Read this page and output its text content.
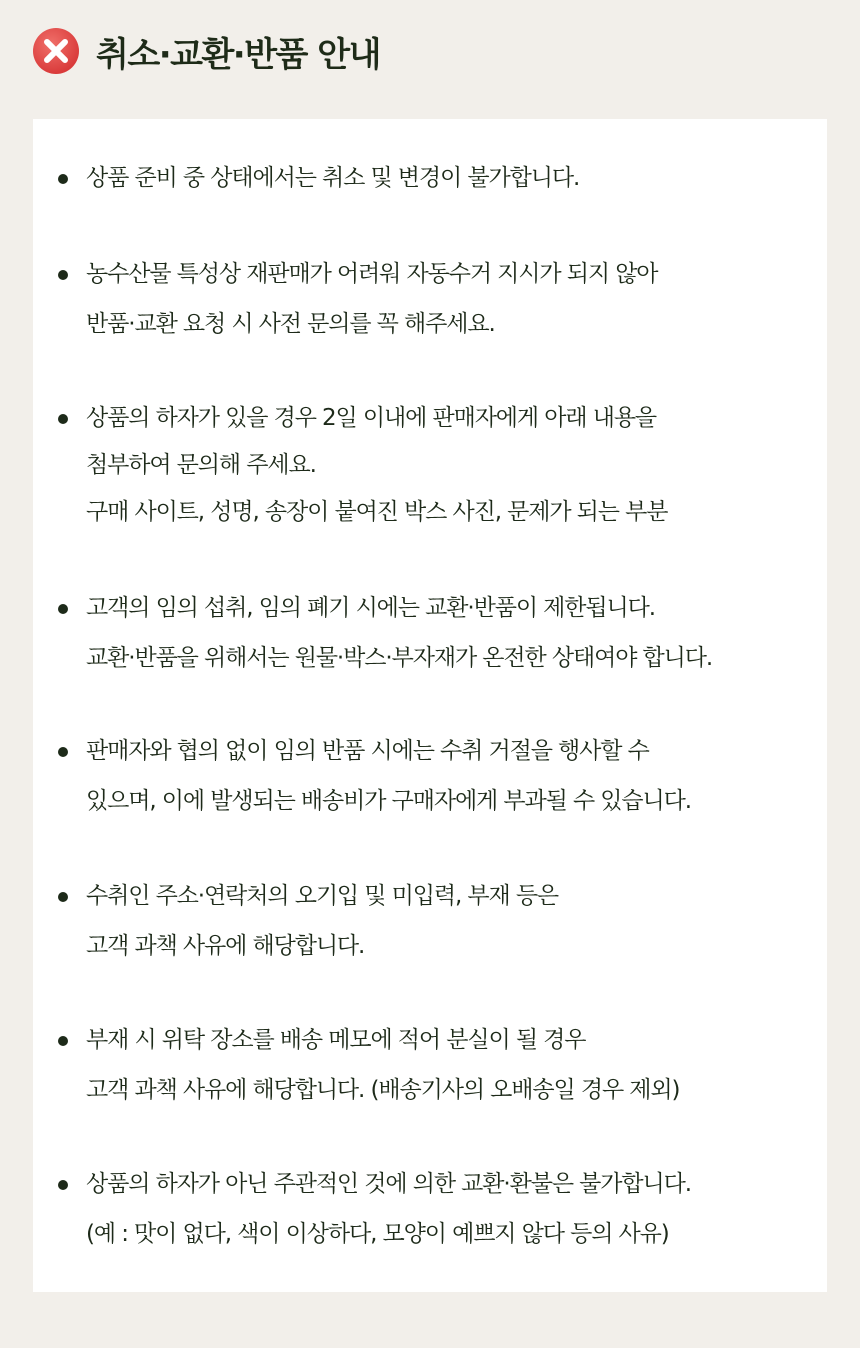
취소·교환·반품 안내
상품 준비 중 상태에서는 취소 및 변경이 불가합니다.
농수산물 특성상 재판매가 어려워 자동수거 지시가 되지 않아
반품·교환 요청 시 사전 문의를 꼭 해주세요.
상품의 하자가 있을 경우 2일 이내에 판매자에게 아래 내용을
첨부하여 문의해 주세요.
구매 사이트, 성명, 송장이 붙여진 박스 사진, 문제가 되는 부분
고객의 임의 섭취, 임의 폐기 시에는 교환·반품이 제한됩니다.
교환·반품을 위해서는 원물·박스·부자재가 온전한 상태여야 합니다.
판매자와 협의 없이 임의 반품 시에는 수취 거절을 행사할 수
있으며, 이에 발생되는 배송비가 구매자에게 부과될 수 있습니다.
수취인 주소·연락처의 오기입 및 미입력, 부재 등은
고객 과책 사유에 해당합니다.
부재 시 위탁 장소를 배송 메모에 적어 분실이 될 경우
고객 과책 사유에 해당합니다. (배송기사의 오배송일 경우 제외)
상품의 하자가 아닌 주관적인 것에 의한 교환·환불은 불가합니다.
(예 : 맛이 없다, 색이 이상하다, 모양이 예쁘지 않다 등의 사유)
